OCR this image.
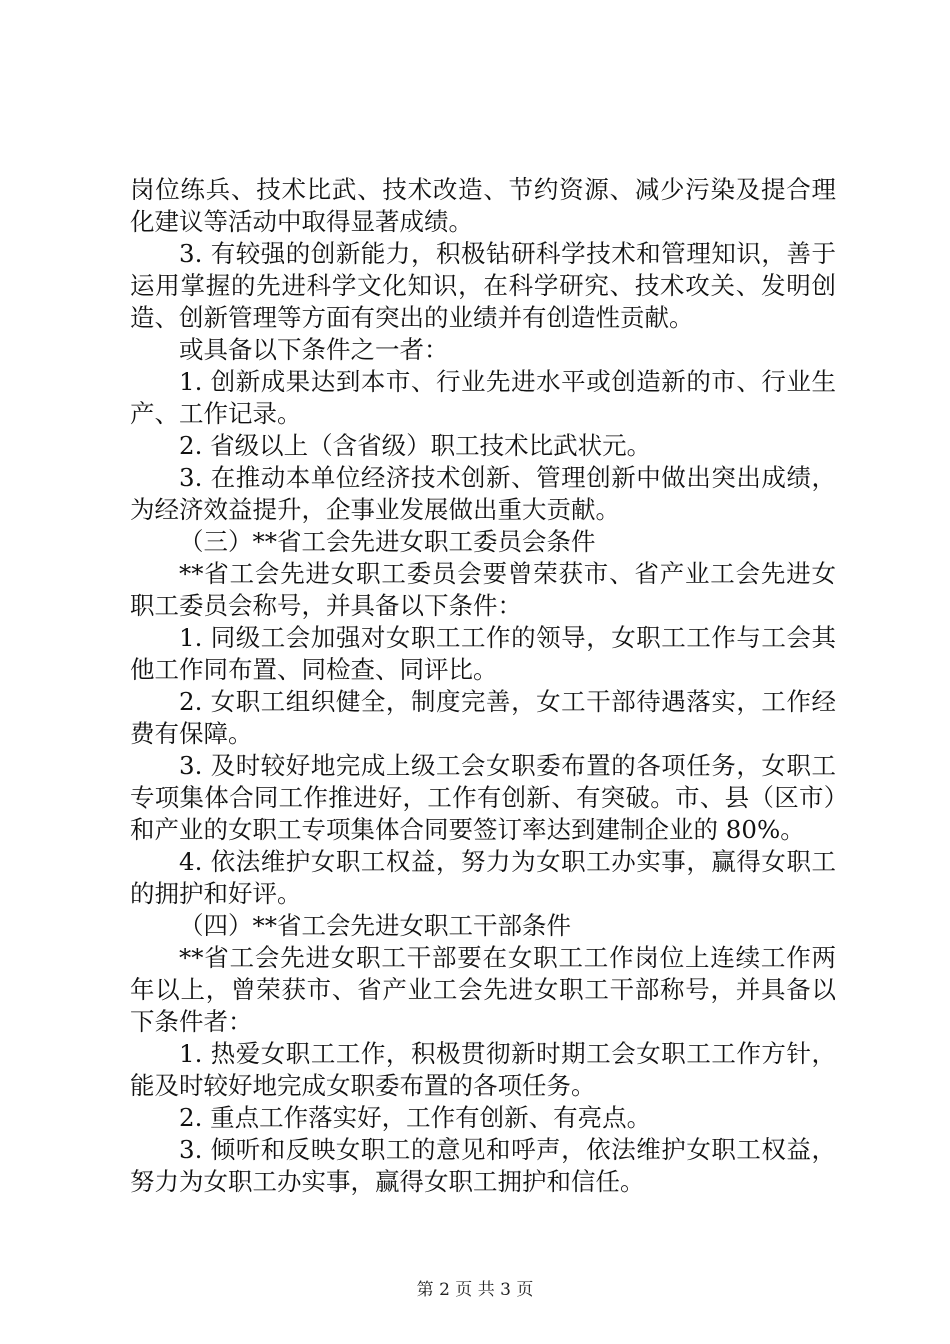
岗位练兵、技术比武、技术改造、节约资源、减少污染及提合理化建议等活动中取得显著成绩。

3. 有较强的创新能力，积极钻研科学技术和管理知识，善于运用掌握的先进科学文化知识，在科学研究、技术攻关、发明创造、创新管理等方面有突出的业绩并有创造性贡献。

或具备以下条件之一者：

1. 创新成果达到本市、行业先进水平或创造新的市、行业生产、工作记录。

2. 省级以上（含省级）职工技术比武状元。

3. 在推动本单位经济技术创新、管理创新中做出突出成绩，为经济效益提升，企事业发展做出重大贡献。

（三）**省工会先进女职工委员会条件

**省工会先进女职工委员会要曾荣获市、省产业工会先进女职工委员会称号，并具备以下条件：

1. 同级工会加强对女职工工作的领导，女职工工作与工会其他工作同布置、同检查、同评比。

2. 女职工组织健全，制度完善，女工干部待遇落实，工作经费有保障。

3. 及时较好地完成上级工会女职委布置的各项任务，女职工专项集体合同工作推进好，工作有创新、有突破。市、县（区市）和产业的女职工专项集体合同要签订率达到建制企业的 80%。

4. 依法维护女职工权益，努力为女职工办实事，赢得女职工的拥护和好评。

（四）**省工会先进女职工干部条件

**省工会先进女职工干部要在女职工工作岗位上连续工作两年以上，曾荣获市、省产业工会先进女职工干部称号，并具备以下条件者：

1. 热爱女职工工作，积极贯彻新时期工会女职工工作方针，能及时较好地完成女职委布置的各项任务。

2. 重点工作落实好，工作有创新、有亮点。

3. 倾听和反映女职工的意见和呼声，依法维护女职工权益，努力为女职工办实事，赢得女职工拥护和信任。

第 2 页 共 3 页
